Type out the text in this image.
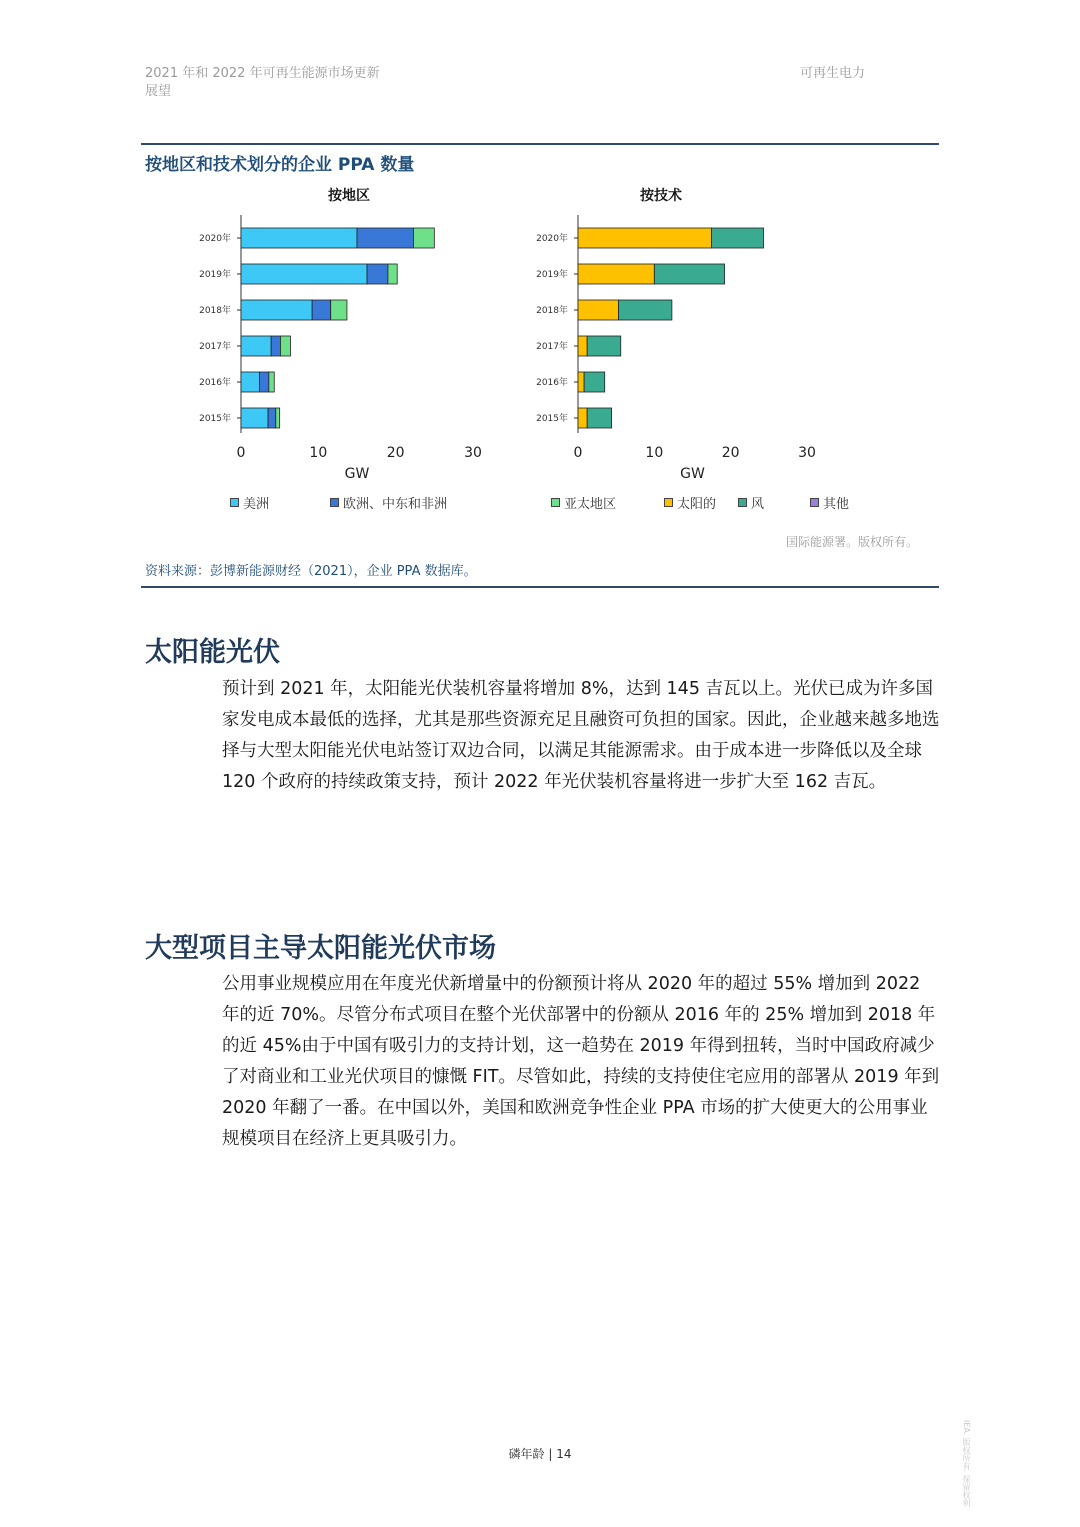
2021 年和 2022 年可再生能源市场更新展望
可再生电力
按地区和技术划分的企业 PPA 数量
按地区
2020年
2019年
2018年
2017年
2016年
2015年
0	10	20	30
GW
按技术
2020年
2019年
2018年
2017年
2016年
2015年
0	10	20	30
GW
美洲	欧洲、中东和非洲	亚太地区	太阳的	风	其他
国际能源署。版权所有。
资料来源：彭博新能源财经（2021），企业 PPA 数据库。
太阳能光伏
预计到 2021 年，太阳能光伏装机容量将增加 8%，达到 145 吉瓦以上。光伏已成为许多国家发电成本最低的选择，尤其是那些资源充足且融资可负担的国家。因此，企业越来越多地选择与大型太阳能光伏电站签订双边合同，以满足其能源需求。由于成本进一步降低以及全球 120 个政府的持续政策支持，预计 2022 年光伏装机容量将进一步扩大至 162 吉瓦。
大型项目主导太阳能光伏市场
公用事业规模应用在年度光伏新增量中的份额预计将从 2020 年的超过 55% 增加到 2022 年的近 70%。尽管分布式项目在整个光伏部署中的份额从 2016 年的 25% 增加到 2018 年的近 45%由于中国有吸引力的支持计划，这一趋势在 2019 年得到扭转，当时中国政府减少了对商业和工业光伏项目的慷慨 FIT。尽管如此，持续的支持使住宅应用的部署从 2019 年到 2020 年翻了一番。在中国以外，美国和欧洲竞争性企业 PPA 市场的扩大使更大的公用事业规模项目在经济上更具吸引力。
磷年龄 | 14	IEA. 版权所有. 保留权利
